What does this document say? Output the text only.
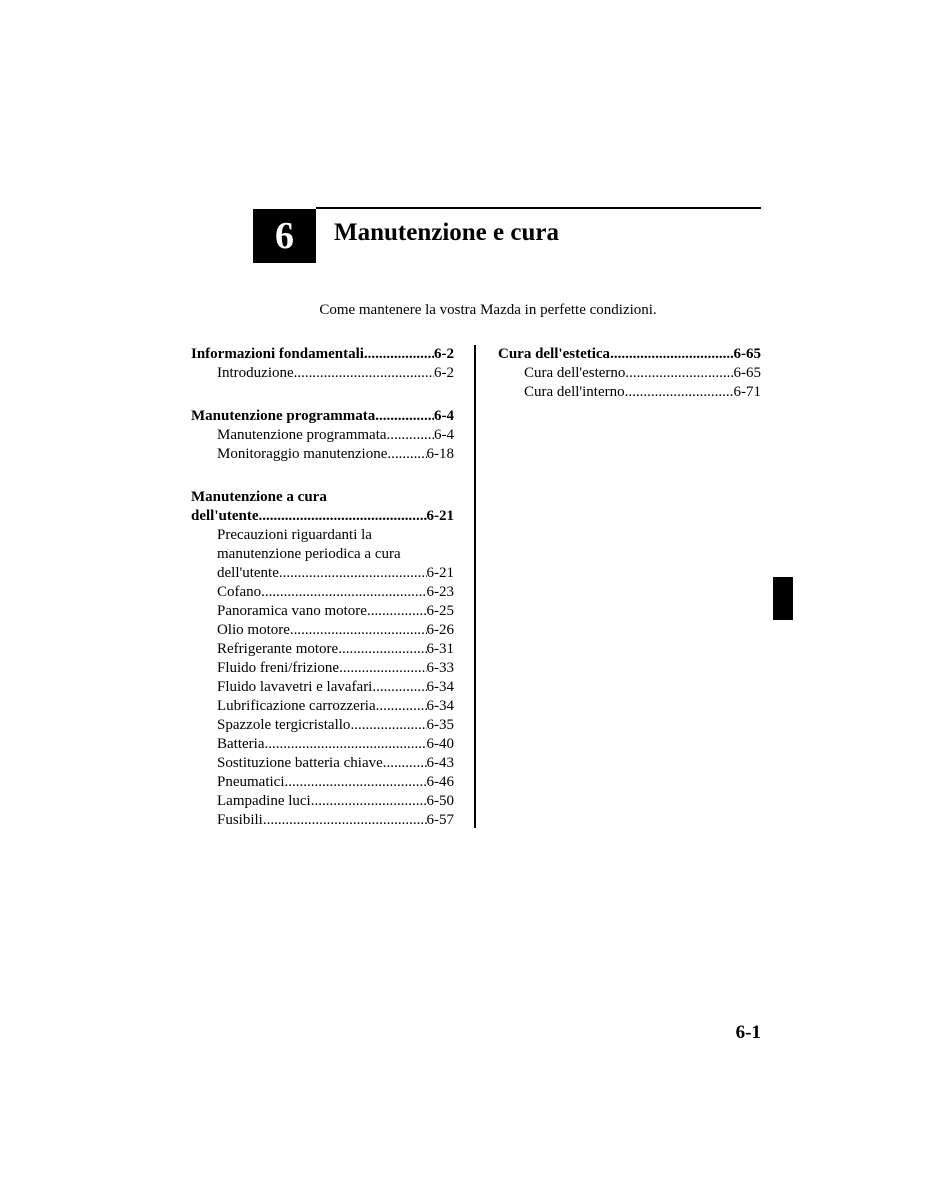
6 Manutenzione e cura
Come mantenere la vostra Mazda in perfette condizioni.
Informazioni fondamentali .....	6-2
Introduzione .....	6-2
Manutenzione programmata .....	6-4
Manutenzione programmata .....	6-4
Monitoraggio manutenzione .....	6-18
Manutenzione a cura
dell'utente .....	6-21
Precauzioni riguardanti la
manutenzione periodica a cura
dell'utente .....	6-21
Cofano .....	6-23
Panoramica vano motore .....	6-25
Olio motore .....	6-26
Refrigerante motore .....	6-31
Fluido freni/frizione .....	6-33
Fluido lavavetri e lavafari .....	6-34
Lubrificazione carrozzeria .....	6-34
Spazzole tergicristallo .....	6-35
Batteria .....	6-40
Sostituzione batteria chiave .....	6-43
Pneumatici .....	6-46
Lampadine luci .....	6-50
Fusibili .....	6-57
Cura dell'estetica .....	6-65
Cura dell'esterno .....	6-65
Cura dell'interno .....	6-71
6-1
